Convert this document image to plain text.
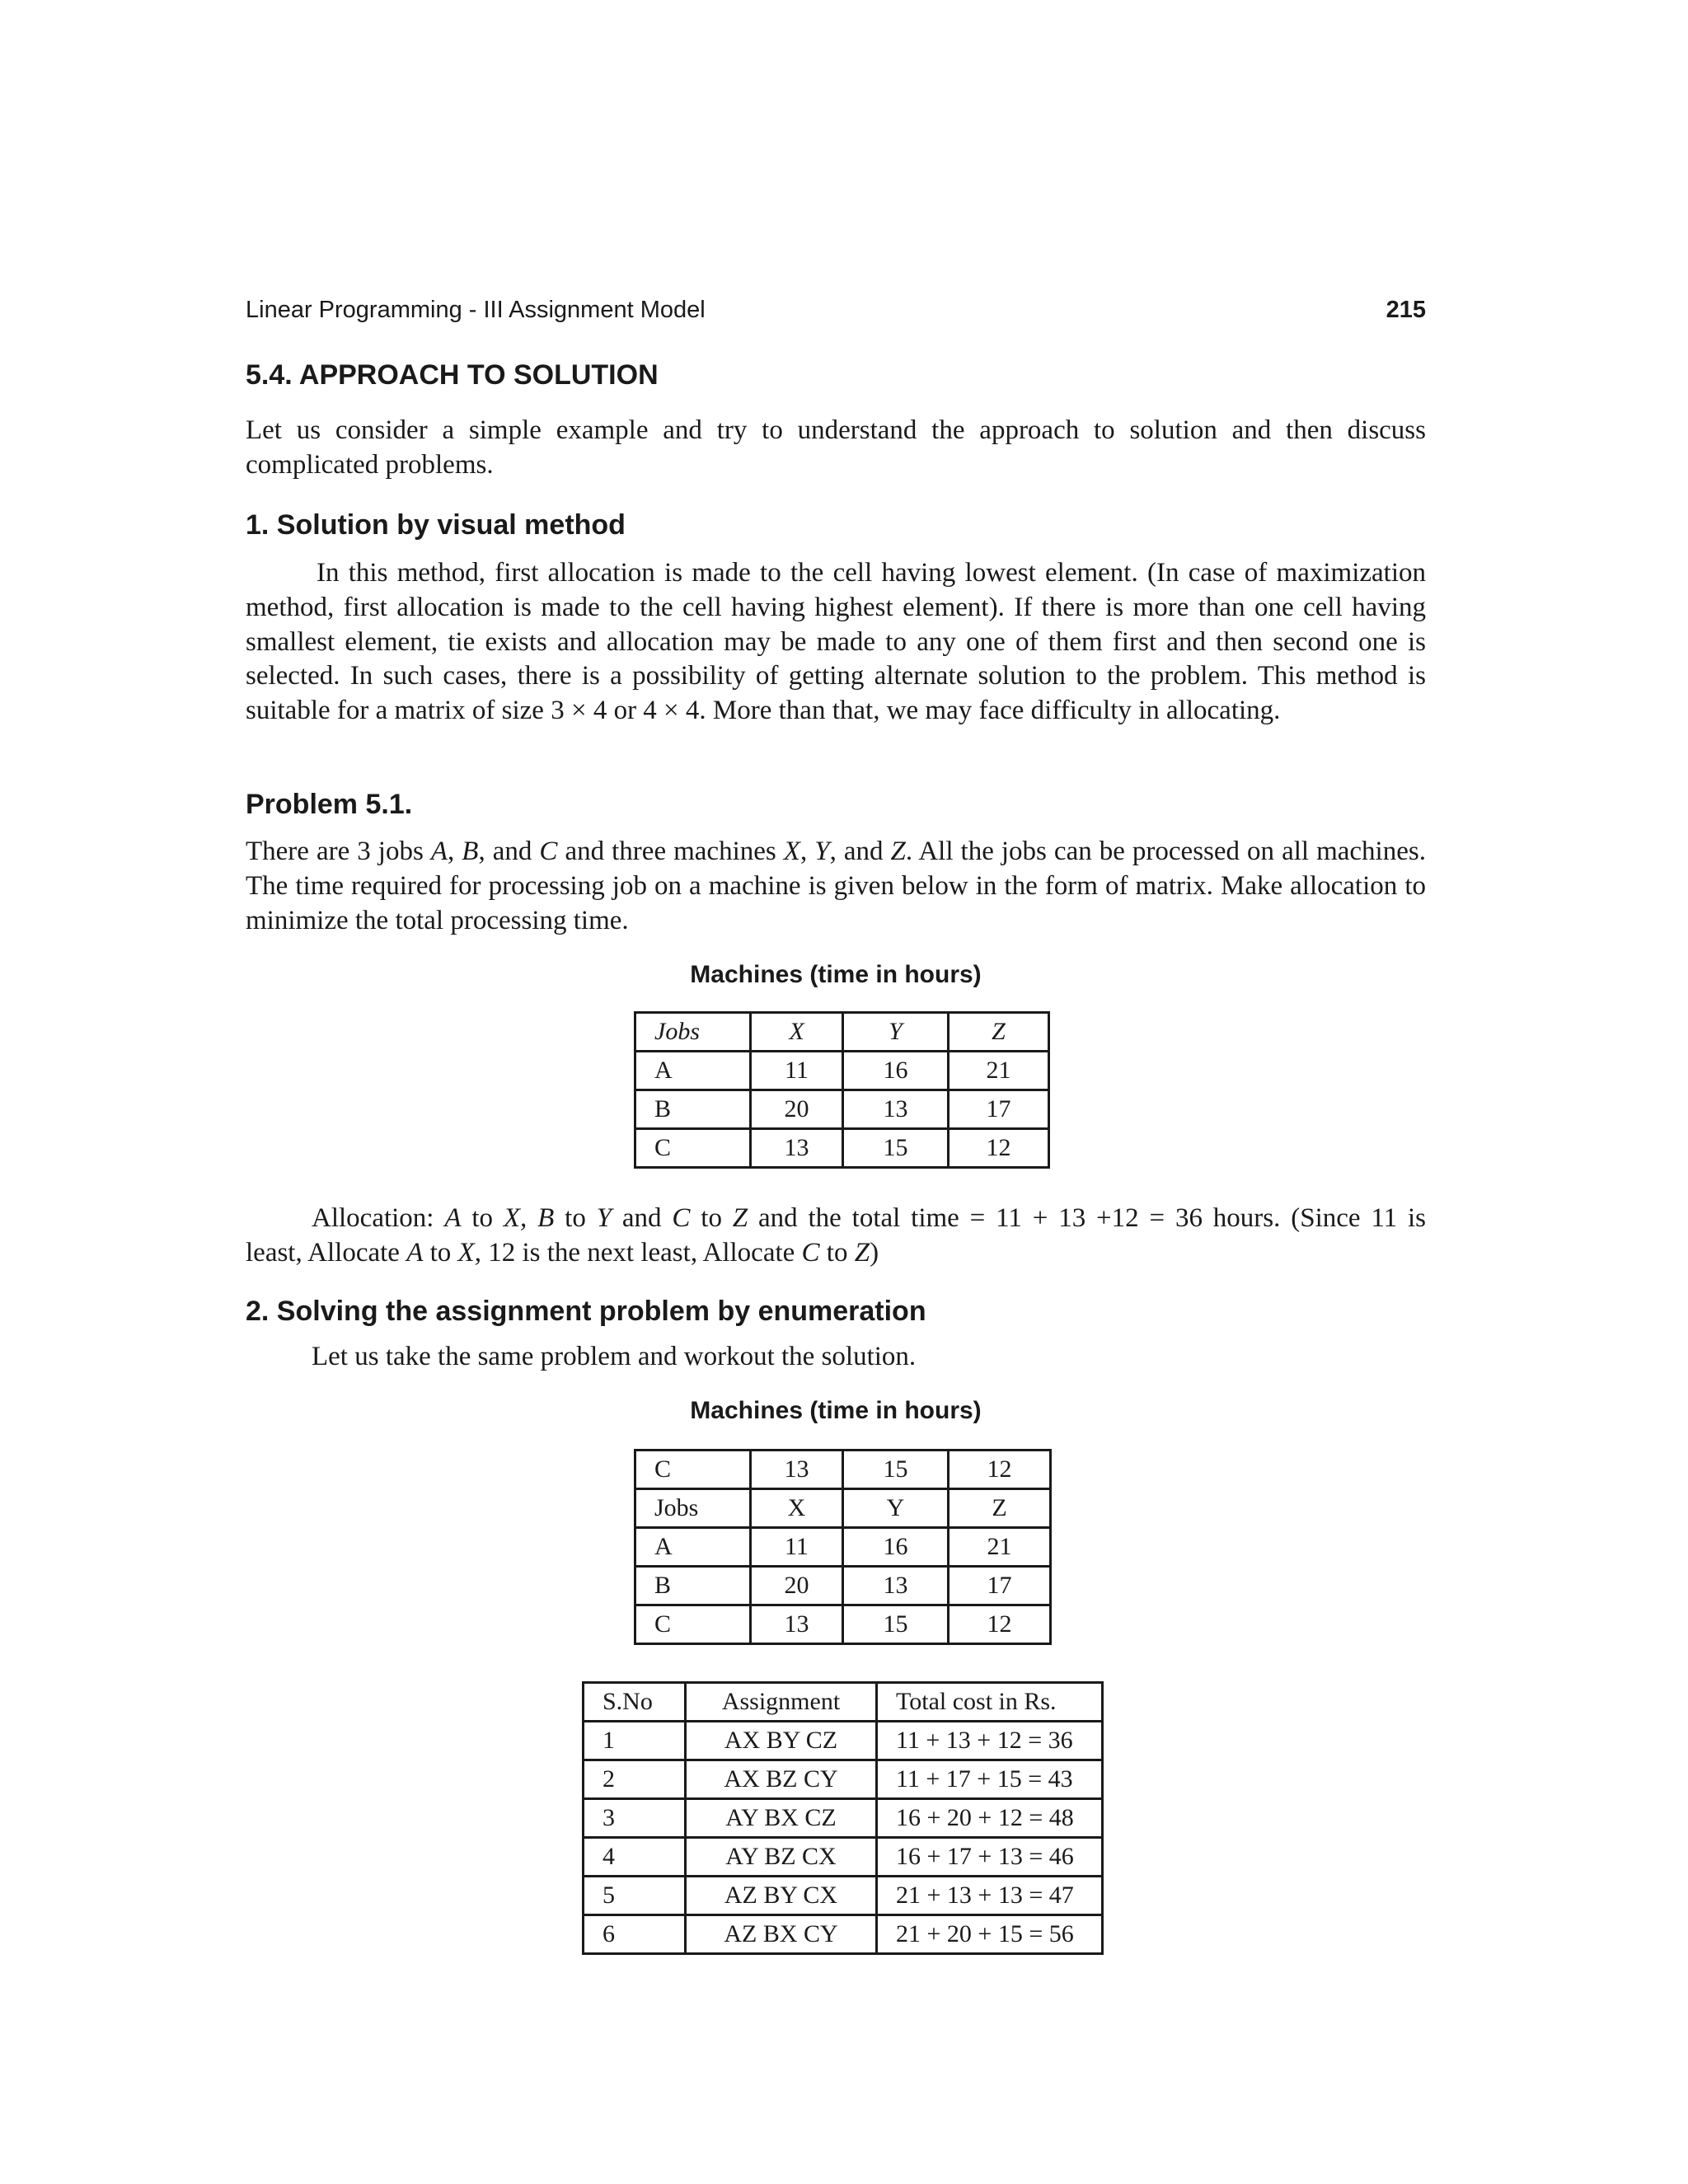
Linear Programming - III Assignment Model	215
5.4. APPROACH TO SOLUTION
Let us consider a simple example and try to understand the approach to solution and then discuss complicated problems.
1. Solution by visual method
In this method, first allocation is made to the cell having lowest element. (In case of maximization method, first allocation is made to the cell having highest element). If there is more than one cell having smallest element, tie exists and allocation may be made to any one of them first and then second one is selected. In such cases, there is a possibility of getting alternate solution to the problem. This method is suitable for a matrix of size 3 × 4 or 4 × 4. More than that, we may face difficulty in allocating.
Problem 5.1.
There are 3 jobs A, B, and C and three machines X, Y, and Z. All the jobs can be processed on all machines. The time required for processing job on a machine is given below in the form of matrix. Make allocation to minimize the total processing time.
Machines (time in hours)
Jobs	X	Y	Z
A	11	16	21
B	20	13	17
C	13	15	12
Allocation: A to X, B to Y and C to Z and the total time = 11 + 13 +12 = 36 hours. (Since 11 is
least, Allocate A to X, 12 is the next least, Allocate C to Z)
2. Solving the assignment problem by enumeration
Let us take the same problem and workout the solution.
Machines (time in hours)
C	13	15	12
Jobs	X	Y	Z
A	11	16	21
B	20	13	17
C	13	15	12
S.No	Assignment	Total cost in Rs.
1	AX BY CZ	11 + 13 + 12 = 36
2	AX BZ CY	11 + 17 + 15 = 43
3	AY BX CZ	16 + 20 + 12 = 48
4	AY BZ CX	16 + 17 + 13 = 46
5	AZ BY CX	21 + 13 + 13 = 47
6	AZ BX CY	21 + 20 + 15 = 56
